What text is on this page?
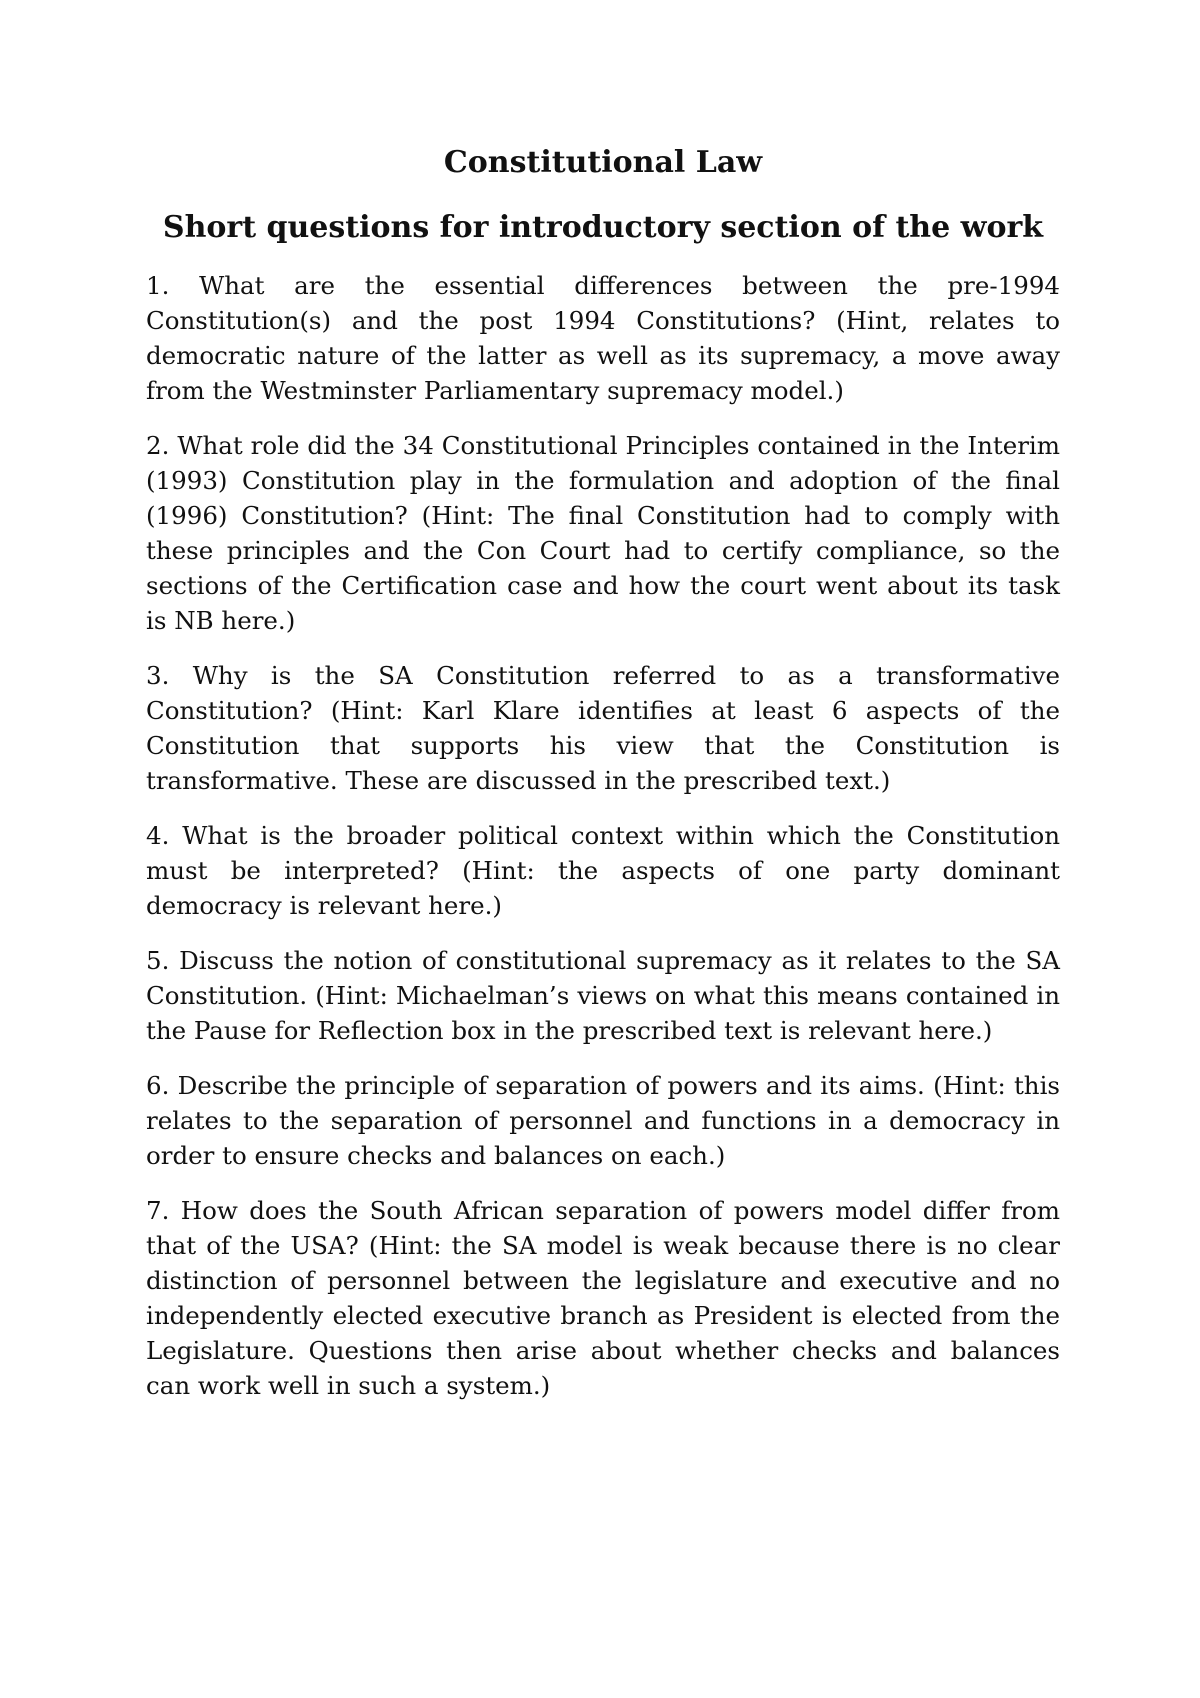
Constitutional Law
Short questions for introductory section of the work

1. What are the essential differences between the pre-1994 Constitution(s) and the post 1994 Constitutions? (Hint, relates to democratic nature of the latter as well as its supremacy, a move away from the Westminster Parliamentary supremacy model.)

2. What role did the 34 Constitutional Principles contained in the Interim (1993) Constitution play in the formulation and adoption of the final (1996) Constitution? (Hint: The final Constitution had to comply with these principles and the Con Court had to certify compliance, so the sections of the Certification case and how the court went about its task is NB here.)

3. Why is the SA Constitution referred to as a transformative Constitution? (Hint: Karl Klare identifies at least 6 aspects of the Constitution that supports his view that the Constitution is transformative. These are discussed in the prescribed text.)

4. What is the broader political context within which the Constitution must be interpreted? (Hint: the aspects of one party dominant democracy is relevant here.)

5. Discuss the notion of constitutional supremacy as it relates to the SA Constitution. (Hint: Michaelman’s views on what this means contained in the Pause for Reflection box in the prescribed text is relevant here.)

6. Describe the principle of separation of powers and its aims. (Hint: this relates to the separation of personnel and functions in a democracy in order to ensure checks and balances on each.)

7. How does the South African separation of powers model differ from that of the USA? (Hint: the SA model is weak because there is no clear distinction of personnel between the legislature and executive and no independently elected executive branch as President is elected from the Legislature. Questions then arise about whether checks and balances can work well in such a system.)
